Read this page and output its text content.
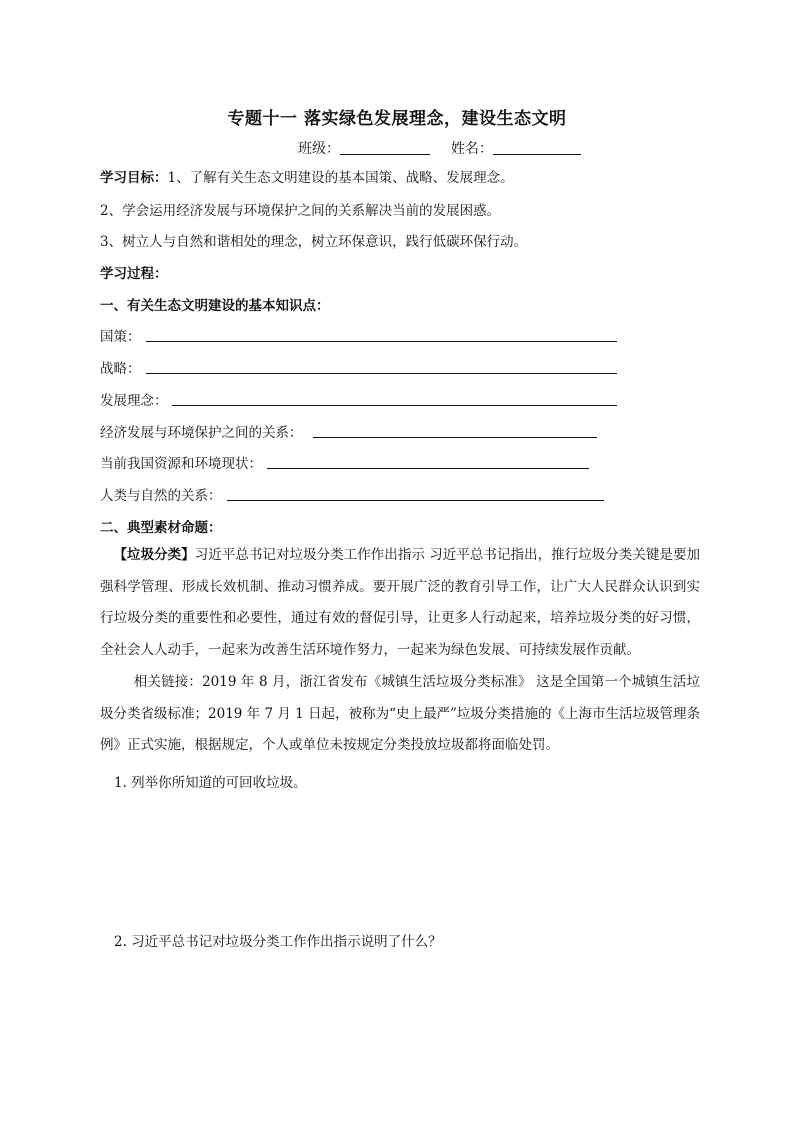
专题十一 落实绿色发展理念，建设生态文明
班级：	姓名：
学习目标：1、了解有关生态文明建设的基本国策、战略、发展理念。
2、学会运用经济发展与环境保护之间的关系解决当前的发展困惑。
3、树立人与自然和谐相处的理念，树立环保意识，践行低碳环保行动。
学习过程：
一、有关生态文明建设的基本知识点：
国策：
战略：
发展理念：
经济发展与环境保护之间的关系：
当前我国资源和环境现状：
人类与自然的关系：
二、典型素材命题：
【垃圾分类】习近平总书记对垃圾分类工作作出指示 习近平总书记指出，推行垃圾分类关键是要加强科学管理、形成长效机制、推动习惯养成。要开展广泛的教育引导工作，让广大人民群众认识到实行垃圾分类的重要性和必要性，通过有效的督促引导，让更多人行动起来，培养垃圾分类的好习惯，全社会人人动手，一起来为改善生活环境作努力，一起来为绿色发展、可持续发展作贡献。
相关链接：2019 年 8 月，浙江省发布《城镇生活垃圾分类标准》 这是全国第一个城镇生活垃圾分类省级标准；2019 年 7 月 1 日起，被称为“史上最严”垃圾分类措施的《上海市生活垃圾管理条例》正式实施，根据规定，个人或单位未按规定分类投放垃圾都将面临处罚。
1. 列举你所知道的可回收垃圾。
2. 习近平总书记对垃圾分类工作作出指示说明了什么？
